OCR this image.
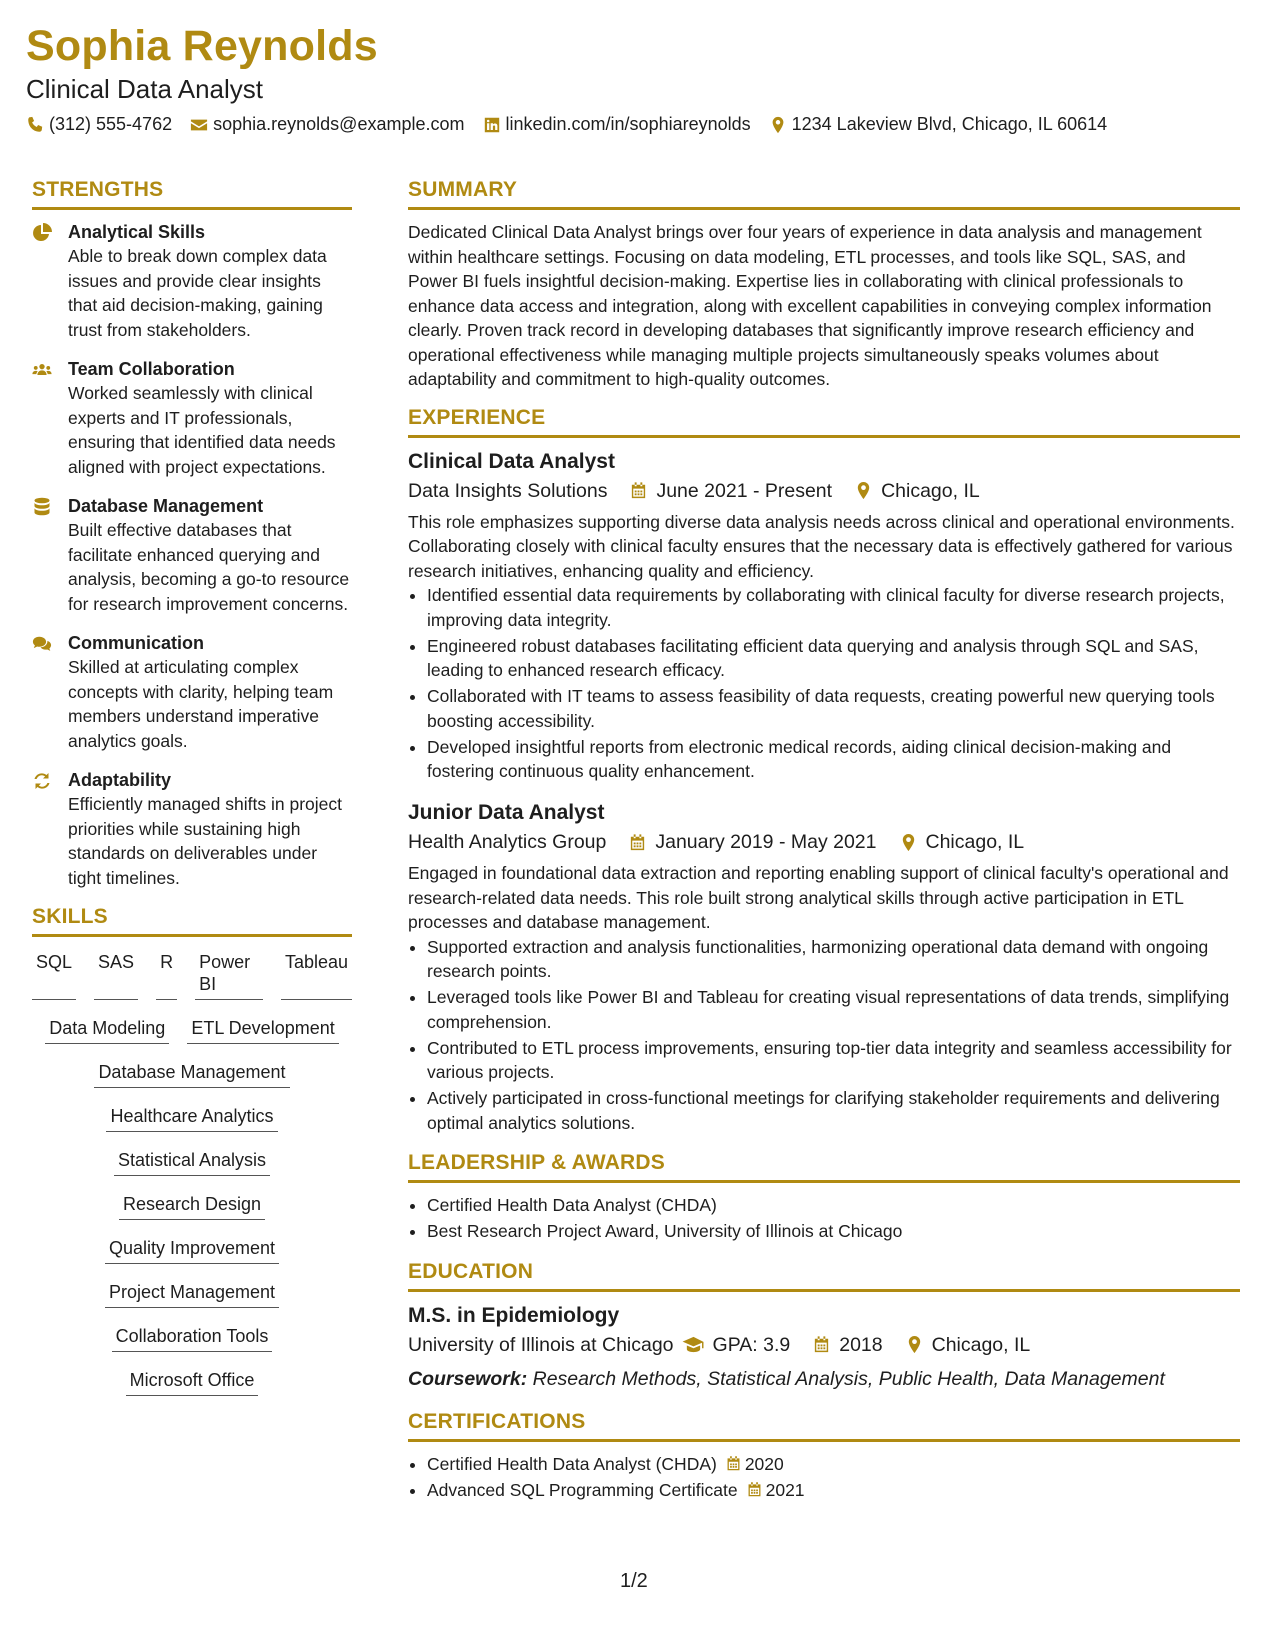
Sophia Reynolds
Clinical Data Analyst
(312) 555-4762 sophia.reynolds@example.com linkedin.com/in/sophiareynolds 1234 Lakeview Blvd, Chicago, IL 60614
STRENGTHS
Analytical Skills
Able to break down complex data issues and provide clear insights that aid decision-making, gaining trust from stakeholders.
Team Collaboration
Worked seamlessly with clinical experts and IT professionals, ensuring that identified data needs aligned with project expectations.
Database Management
Built effective databases that facilitate enhanced querying and analysis, becoming a go-to resource for research improvement concerns.
Communication
Skilled at articulating complex concepts with clarity, helping team members understand imperative analytics goals.
Adaptability
Efficiently managed shifts in project priorities while sustaining high standards on deliverables under tight timelines.
SKILLS
SQL SAS R Power BI
Tableau
Data Modeling ETL Development
Database Management
Healthcare Analytics
Statistical Analysis
Research Design
Quality Improvement
Project Management
Collaboration Tools
Microsoft Office
SUMMARY
Dedicated Clinical Data Analyst brings over four years of experience in data analysis and management within healthcare settings. Focusing on data modeling, ETL processes, and tools like SQL, SAS, and Power BI fuels insightful decision-making. Expertise lies in collaborating with clinical professionals to enhance data access and integration, along with excellent capabilities in conveying complex information clearly. Proven track record in developing databases that significantly improve research efficiency and operational effectiveness while managing multiple projects simultaneously speaks volumes about adaptability and commitment to high-quality outcomes.
EXPERIENCE
Clinical Data Analyst
Data Insights Solutions	June 2021 - Present	Chicago, IL
This role emphasizes supporting diverse data analysis needs across clinical and operational environments. Collaborating closely with clinical faculty ensures that the necessary data is effectively gathered for various research initiatives, enhancing quality and efficiency.
• Identified essential data requirements by collaborating with clinical faculty for diverse research projects, improving data integrity.
• Engineered robust databases facilitating efficient data querying and analysis through SQL and SAS, leading to enhanced research efficacy.
• Collaborated with IT teams to assess feasibility of data requests, creating powerful new querying tools boosting accessibility.
• Developed insightful reports from electronic medical records, aiding clinical decision-making and fostering continuous quality enhancement.
Junior Data Analyst
Health Analytics Group	January 2019 - May 2021	Chicago, IL
Engaged in foundational data extraction and reporting enabling support of clinical faculty's operational and research-related data needs. This role built strong analytical skills through active participation in ETL processes and database management.
• Supported extraction and analysis functionalities, harmonizing operational data demand with ongoing research points.
• Leveraged tools like Power BI and Tableau for creating visual representations of data trends, simplifying comprehension.
• Contributed to ETL process improvements, ensuring top-tier data integrity and seamless accessibility for various projects.
• Actively participated in cross-functional meetings for clarifying stakeholder requirements and delivering optimal analytics solutions.
LEADERSHIP & AWARDS
• Certified Health Data Analyst (CHDA)
• Best Research Project Award, University of Illinois at Chicago
EDUCATION
M.S. in Epidemiology
University of Illinois at Chicago GPA: 3.9	2018	Chicago, IL
Coursework: Research Methods, Statistical Analysis, Public Health, Data Management
CERTIFICATIONS
• Certified Health Data Analyst (CHDA) 2020
• Advanced SQL Programming Certificate 2021
1/2
